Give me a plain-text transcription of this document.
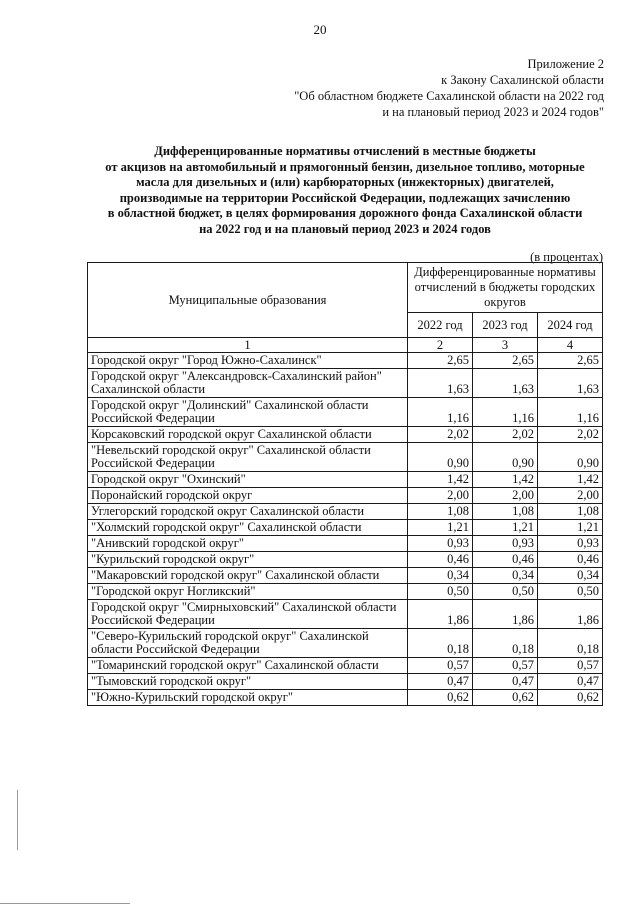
20
Приложение 2
к Закону Сахалинской области
"Об областном бюджете Сахалинской области на 2022 год
и на плановый период 2023 и 2024 годов"
Дифференцированные нормативы отчислений в местные бюджеты
от акцизов на автомобильный и прямогонный бензин, дизельное топливо, моторные
масла для дизельных и (или) карбюраторных (инжекторных) двигателей,
производимые на территории Российской Федерации, подлежащих зачислению
в областной бюджет, в целях формирования дорожного фонда Сахалинской области
на 2022 год и на плановый период 2023 и 2024 годов
(в процентах)
Муниципальные образования	Дифференцированные нормативы отчислений в бюджеты городских округов		
	2022 год	2023 год	2024 год
1	2	3	4
Городской округ "Город Южно-Сахалинск"	2,65	2,65	2,65
Городской округ "Александровск-Сахалинский район" Сахалинской области	1,63	1,63	1,63
Городской округ "Долинский" Сахалинской области Российской Федерации	1,16	1,16	1,16
Корсаковский городской округ Сахалинской области	2,02	2,02	2,02
"Невельский городской округ" Сахалинской области Российской Федерации	0,90	0,90	0,90
Городской округ "Охинский"	1,42	1,42	1,42
Поронайский городской округ	2,00	2,00	2,00
Углегорский городской округ Сахалинской области	1,08	1,08	1,08
"Холмский городской округ" Сахалинской области	1,21	1,21	1,21
"Анивский городской округ"	0,93	0,93	0,93
"Курильский городской округ"	0,46	0,46	0,46
"Макаровский городской округ" Сахалинской области	0,34	0,34	0,34
"Городской округ Ногликский"	0,50	0,50	0,50
Городской округ "Смирныховский" Сахалинской области Российской Федерации	1,86	1,86	1,86
"Северо-Курильский городской округ" Сахалинской области Российской Федерации	0,18	0,18	0,18
"Томаринский городской округ" Сахалинской области	0,57	0,57	0,57
"Тымовский городской округ"	0,47	0,47	0,47
"Южно-Курильский городской округ"	0,62	0,62	0,62
